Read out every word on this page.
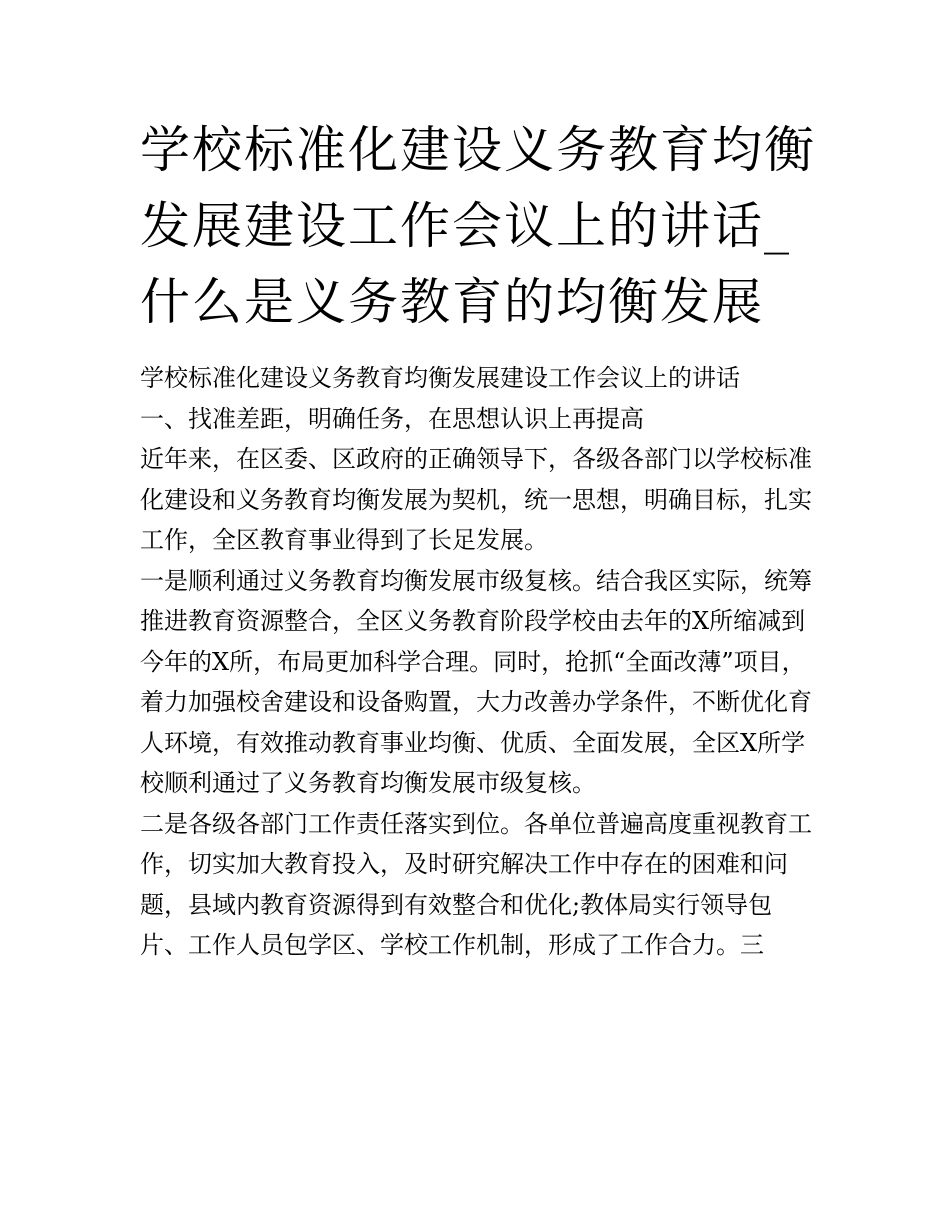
学校标准化建设义务教育均衡发展建设工作会议上的讲话_什么是义务教育的均衡发展

学校标准化建设义务教育均衡发展建设工作会议上的讲话

一、找准差距，明确任务，在思想认识上再提高

近年来，在区委、区政府的正确领导下，各级各部门以学校标准化建设和义务教育均衡发展为契机，统一思想，明确目标，扎实工作，全区教育事业得到了长足发展。

一是顺利通过义务教育均衡发展市级复核。结合我区实际，统筹推进教育资源整合，全区义务教育阶段学校由去年的X所缩减到今年的X所，布局更加科学合理。同时，抢抓“全面改薄”项目，着力加强校舍建设和设备购置，大力改善办学条件，不断优化育人环境，有效推动教育事业均衡、优质、全面发展，全区X所学校顺利通过了义务教育均衡发展市级复核。

二是各级各部门工作责任落实到位。各单位普遍高度重视教育工作，切实加大教育投入，及时研究解决工作中存在的困难和问题，县域内教育资源得到有效整合和优化;教体局实行领导包片、工作人员包学区、学校工作机制，形成了工作合力。三
